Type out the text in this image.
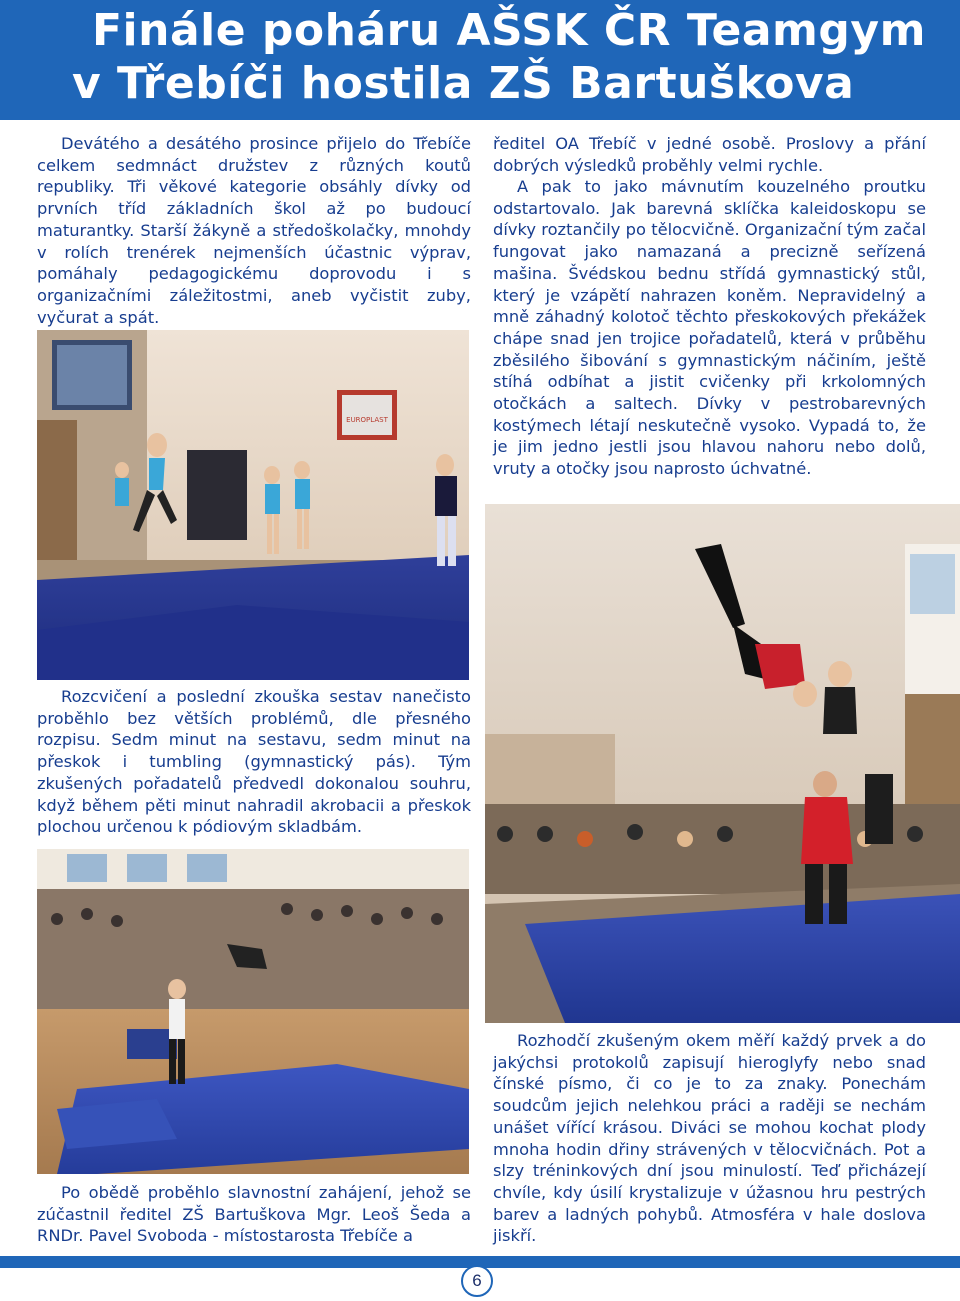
Finále poháru AŠSK ČR Teamgym
v Třebíči hostila ZŠ Bartuškova

Devátého a desátého prosince přijelo do Třebíče celkem sedmnáct družstev z různých koutů republiky. Tři věkové kategorie obsáhly dívky od prvních tříd základních škol až po budoucí maturantky. Starší žákyně a středoškolačky, mnohdy v rolích trenérek nejmenších účastnic výprav, pomáhaly pedagogickému doprovodu i s organizačními záležitostmi, aneb vyčistit zuby, vyčurat a spát.

ředitel OA Třebíč v jedné osobě. Proslovy a přání dobrých výsledků proběhly velmi rychle.

A pak to jako mávnutím kouzelného proutku odstartovalo. Jak barevná sklíčka kaleidoskopu se dívky roztančily po tělocvičně. Organizační tým začal fungovat jako namazaná a precizně seřízená mašina. Švédskou bednu střídá gymnastický stůl, který je vzápětí nahrazen koněm. Nepravidelný a mně záhadný kolotoč těchto přeskokových překážek chápe snad jen trojice pořadatelů, která v průběhu zběsilého šibování s gymnastickým náčiním, ještě stíhá odbíhat a jistit cvičenky při krkolomných otočkách a saltech. Dívky v pestrobarevných kostýmech létají neskutečně vysoko. Vypadá to, že je jim jedno jestli jsou hlavou nahoru nebo dolů, vruty a otočky jsou naprosto úchvatné.

Rozcvičení a poslední zkouška sestav nanečisto proběhlo bez větších problémů, dle přesného rozpisu. Sedm minut na sestavu, sedm minut na přeskok i tumbling (gymnastický pás). Tým zkušených pořadatelů předvedl dokonalou souhru, když během pěti minut nahradil akrobacii a přeskok plochou určenou k pódiovým skladbám.

Po obědě proběhlo slavnostní zahájení, jehož se zúčastnil ředitel ZŠ Bartuškova Mgr. Leoš Šeda a RNDr. Pavel Svoboda - místostarosta Třebíče a

Rozhodčí zkušeným okem měří každý prvek a do jakýchsi protokolů zapisují hieroglyfy nebo snad čínské písmo, či co je to za znaky. Ponechám soudcům jejich nelehkou práci a raději se nechám unášet vířící krásou. Diváci se mohou kochat plody mnoha hodin dřiny strávených v tělocvičnách. Pot a slzy tréninkových dní jsou minulostí. Teď přicházejí chvíle, kdy úsilí krystalizuje v úžasnou hru pestrých barev a ladných pohybů. Atmosféra v hale doslova jiskří.

EUROPLAST
6
